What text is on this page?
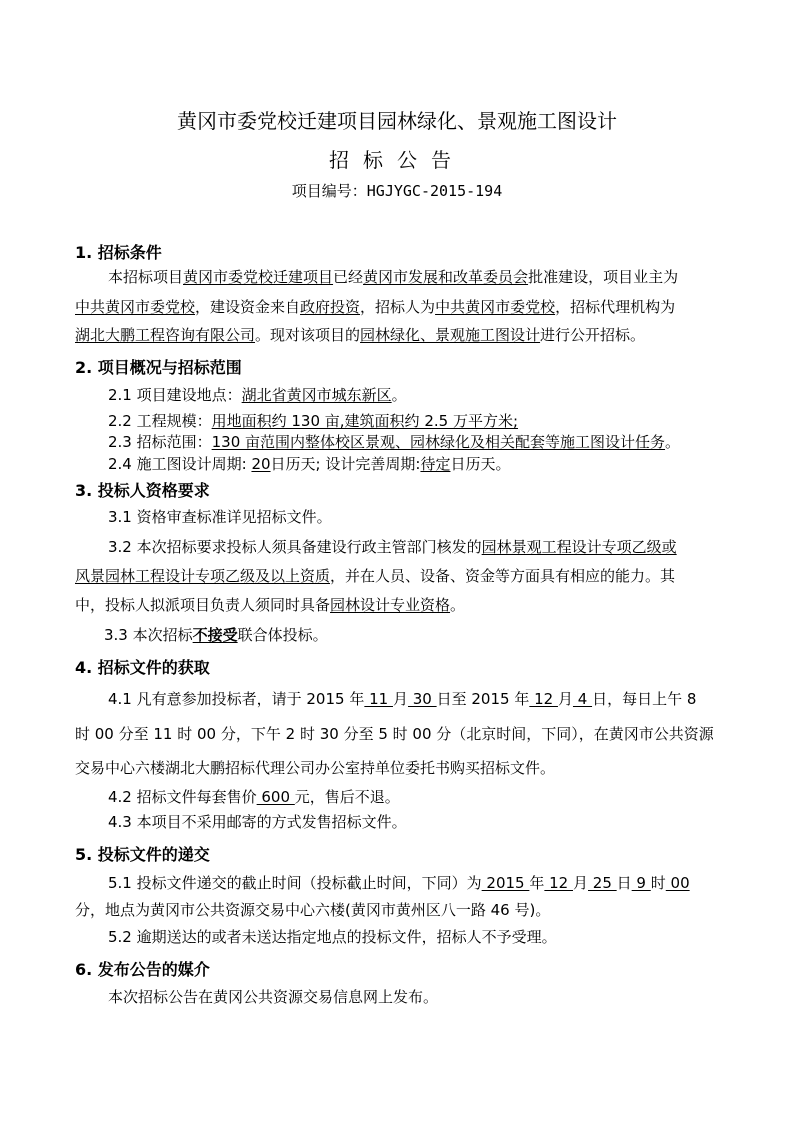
黄冈市委党校迁建项目园林绿化、景观施工图设计
招标公告
项目编号：HGJYGC-2015-194
1. 招标条件
本招标项目黄冈市委党校迁建项目已经黄冈市发展和改革委员会批准建设，项目业主为
中共黄冈市委党校，建设资金来自政府投资，招标人为中共黄冈市委党校，招标代理机构为
湖北大鹏工程咨询有限公司。现对该项目的园林绿化、景观施工图设计进行公开招标。
2. 项目概况与招标范围
2.1 项目建设地点：湖北省黄冈市城东新区。
2.2 工程规模：用地面积约 130 亩,建筑面积约 2.5 万平方米;
2.3 招标范围：130 亩范围内整体校区景观、园林绿化及相关配套等施工图设计任务。
2.4 施工图设计周期: 20日历天; 设计完善周期:待定日历天。
3. 投标人资格要求
3.1 资格审查标准详见招标文件。
3.2 本次招标要求投标人须具备建设行政主管部门核发的园林景观工程设计专项乙级或
风景园林工程设计专项乙级及以上资质，并在人员、设备、资金等方面具有相应的能力。其
中，投标人拟派项目负责人须同时具备园林设计专业资格。
3.3 本次招标不接受联合体投标。
4. 招标文件的获取
4.1 凡有意参加投标者，请于 2015 年 11 月 30 日至 2015 年 12 月 4 日，每日上午 8
时 00 分至 11 时 00 分，下午 2 时 30 分至 5 时 00 分（北京时间，下同），在黄冈市公共资源
交易中心六楼湖北大鹏招标代理公司办公室持单位委托书购买招标文件。
4.2 招标文件每套售价 600 元，售后不退。
4.3 本项目不采用邮寄的方式发售招标文件。
5. 投标文件的递交
5.1 投标文件递交的截止时间（投标截止时间，下同）为 2015 年 12 月 25 日 9 时 00
分，地点为黄冈市公共资源交易中心六楼(黄冈市黄州区八一路 46 号)。
5.2 逾期送达的或者未送达指定地点的投标文件，招标人不予受理。
6. 发布公告的媒介
本次招标公告在黄冈公共资源交易信息网上发布。
